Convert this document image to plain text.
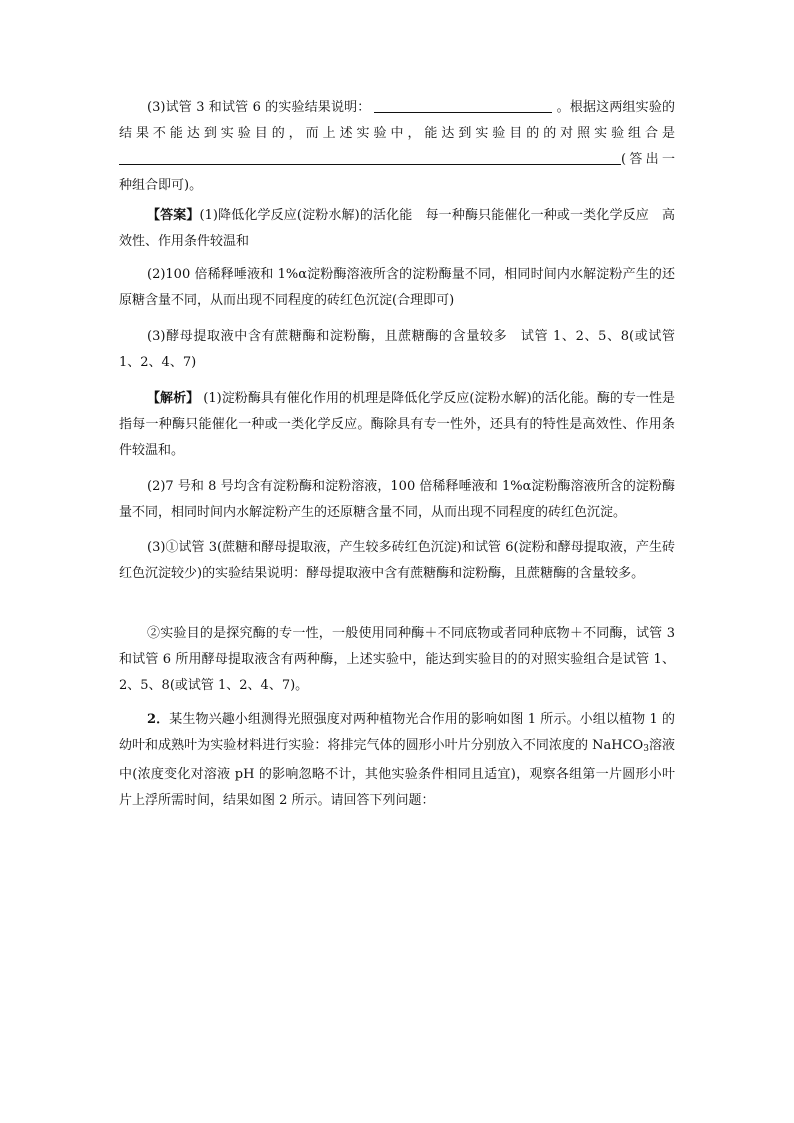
(3)试管 3 和试管 6 的实验结果说明：	。根据这两组实验的结果不能达到实验目的，而上述实验中，能达到实验目的的对照实验组合是(答出一种组合即可)。

【答案】(1)降低化学反应(淀粉水解)的活化能　每一种酶只能催化一种或一类化学反应　高效性、作用条件较温和

(2)100 倍稀释唾液和 1%α淀粉酶溶液所含的淀粉酶量不同，相同时间内水解淀粉产生的还原糖含量不同，从而出现不同程度的砖红色沉淀(合理即可)

(3)酵母提取液中含有蔗糖酶和淀粉酶，且蔗糖酶的含量较多　试管 1、2、5、8(或试管 1、2、4、7)

【解析】 (1)淀粉酶具有催化作用的机理是降低化学反应(淀粉水解)的活化能。酶的专一性是指每一种酶只能催化一种或一类化学反应。酶除具有专一性外，还具有的特性是高效性、作用条件较温和。

(2)7 号和 8 号均含有淀粉酶和淀粉溶液，100 倍稀释唾液和 1%α淀粉酶溶液所含的淀粉酶量不同，相同时间内水解淀粉产生的还原糖含量不同，从而出现不同程度的砖红色沉淀。

(3)①试管 3(蔗糖和酵母提取液，产生较多砖红色沉淀)和试管 6(淀粉和酵母提取液，产生砖红色沉淀较少)的实验结果说明：酵母提取液中含有蔗糖酶和淀粉酶，且蔗糖酶的含量较多。

②实验目的是探究酶的专一性，一般使用同种酶＋不同底物或者同种底物＋不同酶，试管 3 和试管 6 所用酵母提取液含有两种酶，上述实验中，能达到实验目的的对照实验组合是试管 1、2、5、8(或试管 1、2、4、7)。

2．某生物兴趣小组测得光照强度对两种植物光合作用的影响如图 1 所示。小组以植物 1 的幼叶和成熟叶为实验材料进行实验：将排完气体的圆形小叶片分别放入不同浓度的 NaHCO$_3$溶液中(浓度变化对溶液 pH 的影响忽略不计，其他实验条件相同且适宜)，观察各组第一片圆形小叶片上浮所需时间，结果如图 2 所示。请回答下列问题：
